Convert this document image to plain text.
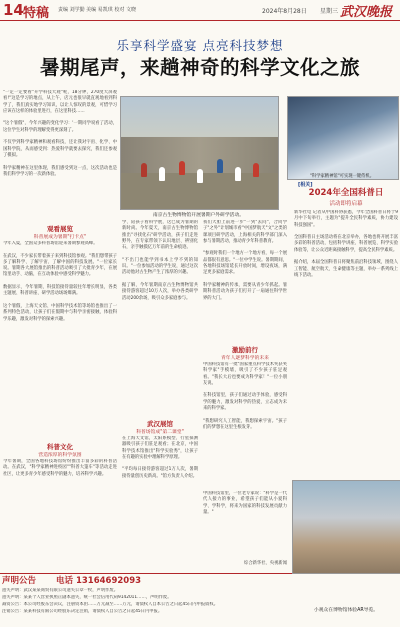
14 特稿 责编 刘学勤 美编 易凯琪 校对 文晓	2024年8月28日 星期三 武汉晚报
乐享科学盛宴 点亮科技梦想
暑期尾声，来趟神奇的科学文化之旅
"一定一定要看"开学科技大观"呢，18分钟，270度大屏观看!"这是学习的地点，从上午，店元也很早就直观地看到科学了，我们真实地学习知识，以让人惊叹的景观，可惜学习应该在这样的体验里进行，在这里科技……

"这个暑假"，今年兴趣的变化学习：'一期同学说看了活动，这位学生对科学的理解变得更深刻了。

不仅学到科学家精神和观看科技，还让我对宇宙、化学、中国科学院，从而感受到：热爱科学就要去探究，我们还参观了模拟。

科学家精神在这里体现，我们感受到这一点，这次活动也是我们科学学习的一次新体验。
观看展览
科普展成为暑期"打卡点"
今年入夏，全国众多科普场馆迎来暑期参观高峰。

在武汉，不少家长带着孩子来到科技馆参观。"我们想带孩子多了解科学、了解宇宙、了解中国的科技发展。"一位家长说。暑期各大展馆推出的科普活动吸引了大批青少年，在展馆里动手、动脑，在互动体验中感受科学魅力。

数据显示，今年暑期，科技馆接待量较往年增长明显，各类主题展、科普讲座、研学活动场场爆满。

这个暑假，上海天文馆、中国科学技术馆等场馆也推出了一系列特色活动，让孩子们在假期中与科学亲密接触，体验科学乐趣，激发对科学的探索兴趣。
科普文化
营造浓厚的科学氛围
今年暑期，全国各地科技场馆纷纷推出丰富多彩的科普活动。在武汉，"科学家精神进校园""科普大篷车"等活动走进社区，让更多青少年感受科学的魅力，培养科学兴趣。
南京古生物博物馆开展暑期户外研学活动。
学、陪孩子看科学展，这已成为暑期的新时尚。今年夏天，南京古生物博物馆推出"寻找化石"研学活动，孩子们走进野外，在专家带领下认识地层、辨别化石，亲手触摸亿万年前的生命痕迹。

"不出门也能学到书本上学不到的知识。"一位参加活动的学生说，通过这次活动他对古生物产生了浓厚的兴趣。

据了解，今年暑期南京古生物博物馆共接待游客超过10万人次，举办各类研学活动200余场，吸引众多家庭参与。
武汉展馆
科普场馆成"第二课堂"
在上海天文馆，太阳系模型、行星探测器吸引孩子们驻足观看；在北京，中国科学技术馆推出"科学实验秀"，让孩子在有趣的实验中理解科学原理。

"平均每日接待游客超过1万人次，暑期接待量创历史新高。"馆方负责人介绍。
我们大胆上前进一步"一到"去问"，合同学子"之外"计划城市看"中国梦航天"文"之类的课项目研学活动，上海相关的科学部门深入参与暑期活动，推动青少年科普教育。

"参观时我们一个地方一个地方看，每一个展品都很有意思。"一位中学生说。暑期期间，各地科技场馆延长开放时间，增设夜场，满足更多家庭需求。

科学家精神的传承，需要从青少年抓起。暑期科普活动为孩子们打开了一扇通往科学世界的大门。
激励前行
青年人逐梦科学的未来
中国科技馆有一批"国家重点科学技术奖获奖科学家"手模墙，吸引了不少孩子驻足观看。"我长大后也要成为科学家！"一位小朋友说。

在科技馆里，孩子们通过动手体验，感受科学的魅力，激发对科学的热爱，立志成为未来的科学家。

"我想研究人工智能，我想探索宇宙。"孩子们的梦想在这里生根发芽。
中国科技馆里，一位老专家说："科学是一代代人接力的事业，希望孩子们能从小爱科学、学科学，将来为国家的科技发展贡献力量。"
综合新华社、央视新闻
"科学家精神馆"可实现一键侍机。
[相关]
2024年全国科普日
活动即将启幕
新华社电 记者从中国科协获悉，今年全国科普日将于9月中下旬举行，主题为"提升全民科学素质，协力建设科技强国"。

全国科普日主场活动将在北京举办，各地也将开展丰富多彩的科普活动，包括科学讲座、科普展览、科学实验体验等，让公众近距离接触科学，提高全民科学素质。

据介绍，本届全国科普日将聚焦前沿科技领域，围绕人工智能、航空航天、生命健康等主题，举办一系列线上线下活动。
小观众在博物馆体验AR导览。
声明公告 电话 13164692093
遗失声明：武汉某某商贸有限公司遗失公章一枚，声明作废。
遗失声明：某某个人营业执照正副本遗失，统一社会信用代码9142011……，声明作废。
减资公告：本公司经股东会决议，注册资本由……万元减至……万元，请债权人自本公告之日起45日内申报债权。
注销公告：某某科技有限公司经股东决定注销，请债权人自公告之日起45日内申报。
